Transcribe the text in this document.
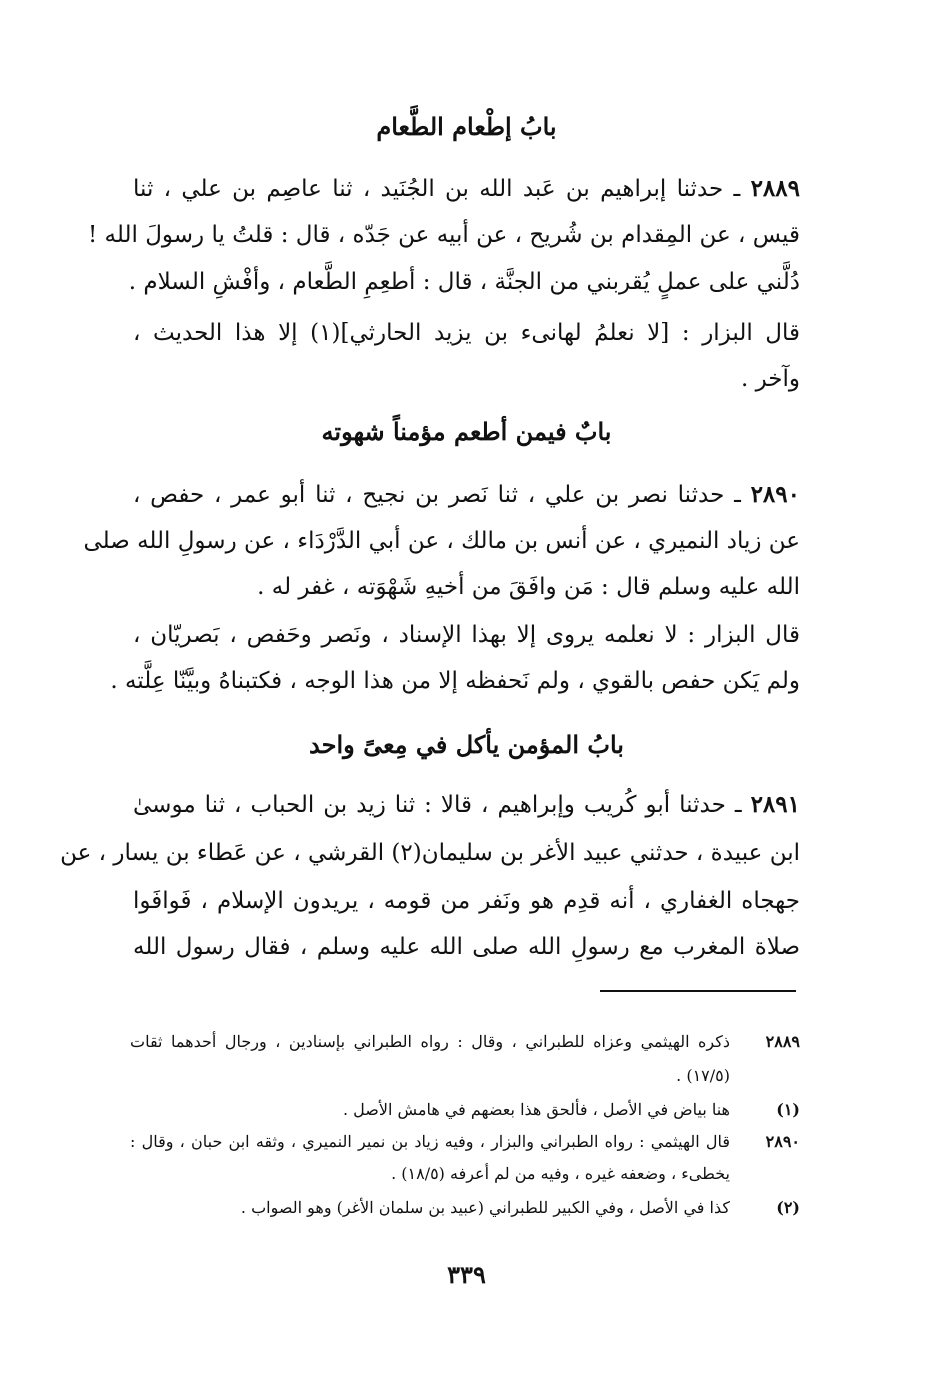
بابُ إطْعام الطَّعام
٢٨٨٩ ـ حدثنا إبراهيم بن عَبد الله بن الجُنَيد ، ثنا عاصِم بن علي ، ثنا
قيس ، عن المِقدام بن شُريح ، عن أبيه عن جَدّه ، قال : قلتُ يا رسولَ الله !
دُلَّني على عملٍ يُقربني من الجنَّة ، قال : أطعِمِ الطَّعام ، وأفْشِ السلام .
قال البزار : [لا نعلمُ لهانىء بن يزيد الحارثي](١) إلا هذا الحديث ،
وآخر .
بابٌ فيمن أطعم مؤمناً شهوته
٢٨٩٠ ـ حدثنا نصر بن علي ، ثنا نَصر بن نجيح ، ثنا أبو عمر ، حفص ،
عن زياد النميري ، عن أنس بن مالك ، عن أبي الدَّرْدَاء ، عن رسولِ الله صلى
الله عليه وسلم قال : مَن وافَقَ من أخيهِ شَهْوَته ، غفر له .
قال البزار : لا نعلمه يروى إلا بهذا الإسناد ، ونَصر وحَفص ، بَصريّان ،
ولم يَكن حفص بالقوي ، ولم نَحفظه إلا من هذا الوجه ، فكتبناهُ وبيَّنّا عِلَّته .
بابُ المؤمن يأكل في مِعىً واحد
٢٨٩١ ـ حدثنا أبو كُريب وإبراهيم ، قالا : ثنا زيد بن الحباب ، ثنا موسىٰ
ابن عبيدة ، حدثني عبيد الأغر بن سليمان(٢) القرشي ، عن عَطاء بن يسار ، عن
جهجاه الغفاري ، أنه قدِم هو ونَفر من قومه ، يريدون الإسلام ، فَوافَوا
صلاة المغرب مع رسولِ الله صلى الله عليه وسلم ، فقال رسول الله
٢٨٨٩
ذكره الهيثمي وعزاه للطبراني ، وقال : رواه الطبراني بإسنادين ، ورجال أحدهما ثقات
(١٧/٥) .
(١)
هنا بياض في الأصل ، فألحق هذا بعضهم في هامش الأصل .
٢٨٩٠
قال الهيثمي : رواه الطبراني والبزار ، وفيه زياد بن نمير النميري ، وثقه ابن حبان ، وقال :
يخطىء ، وضعفه غيره ، وفيه من لم أعرفه (١٨/٥) .
(٢)
كذا في الأصل ، وفي الكبير للطبراني (عبيد بن سلمان الأغر) وهو الصواب .
٣٣٩
